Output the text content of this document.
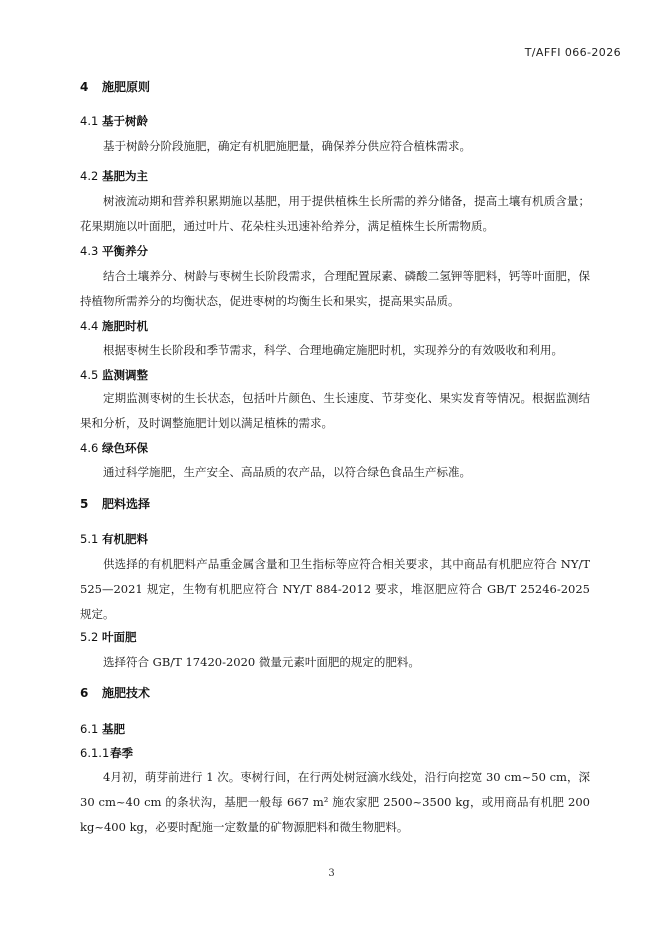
T/AFFI 066-2026
4 施肥原则
4.1 基于树龄
基于树龄分阶段施肥，确定有机肥施肥量，确保养分供应符合植株需求。
4.2 基肥为主
树液流动期和营养积累期施以基肥，用于提供植株生长所需的养分储备，提高土壤有机质含量；花果期施以叶面肥，通过叶片、花朵柱头迅速补给养分，满足植株生长所需物质。
4.3 平衡养分
结合土壤养分、树龄与枣树生长阶段需求，合理配置尿素、磷酸二氢钾等肥料，钙等叶面肥，保持植物所需养分的均衡状态，促进枣树的均衡生长和果实，提高果实品质。
4.4 施肥时机
根据枣树生长阶段和季节需求，科学、合理地确定施肥时机，实现养分的有效吸收和利用。
4.5 监测调整
定期监测枣树的生长状态，包括叶片颜色、生长速度、节芽变化、果实发育等情况。根据监测结果和分析，及时调整施肥计划以满足植株的需求。
4.6 绿色环保
通过科学施肥，生产安全、高品质的农产品，以符合绿色食品生产标准。
5 肥料选择
5.1 有机肥料
供选择的有机肥料产品重金属含量和卫生指标等应符合相关要求，其中商品有机肥应符合 NY/T 525—2021 规定，生物有机肥应符合 NY/T 884-2012 要求，堆沤肥应符合 GB/T 25246-2025 规定。
5.2 叶面肥
选择符合 GB/T 17420-2020 微量元素叶面肥的规定的肥料。
6 施肥技术
6.1 基肥
6.1.1春季
4月初，萌芽前进行 1 次。枣树行间，在行两处树冠滴水线处，沿行向挖宽 30 cm~50 cm，深 30 cm~40 cm 的条状沟，基肥一般每 667 m² 施农家肥 2500~3500 kg，或用商品有机肥 200 kg~400 kg，必要时配施一定数量的矿物源肥料和微生物肥料。
3
